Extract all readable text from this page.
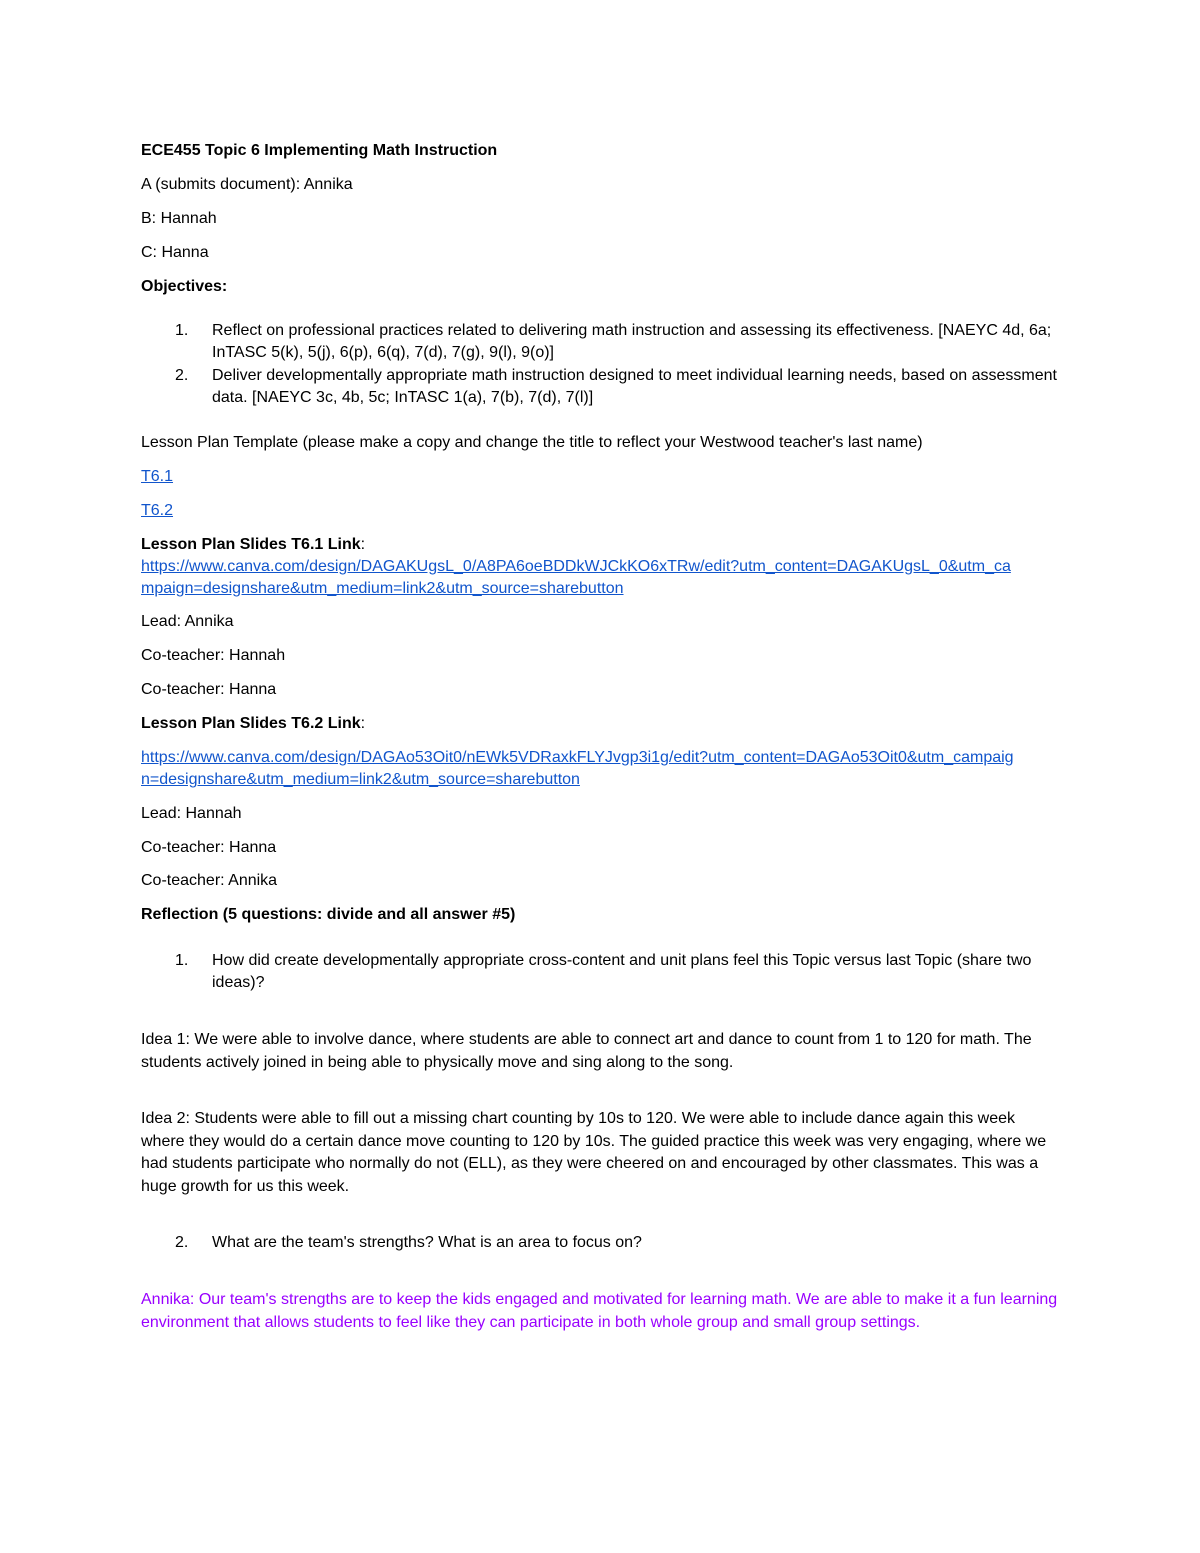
ECE455 Topic 6 Implementing Math Instruction
A (submits document): Annika
B: Hannah
C: Hanna
Objectives:
1. Reflect on professional practices related to delivering math instruction and assessing its effectiveness. [NAEYC 4d, 6a; InTASC 5(k), 5(j), 6(p), 6(q), 7(d), 7(g), 9(l), 9(o)]
2. Deliver developmentally appropriate math instruction designed to meet individual learning needs, based on assessment data. [NAEYC 3c, 4b, 5c; InTASC 1(a), 7(b), 7(d), 7(l)]
Lesson Plan Template (please make a copy and change the title to reflect your Westwood teacher's last name)
T6.1
T6.2
Lesson Plan Slides T6.1 Link:
https://www.canva.com/design/DAGAKUgsL_0/A8PA6oeBDDkWJCkKO6xTRw/edit?utm_content=DAGAKUgsL_0&utm_ca
mpaign=designshare&utm_medium=link2&utm_source=sharebutton
Lead: Annika
Co-teacher: Hannah
Co-teacher: Hanna
Lesson Plan Slides T6.2 Link:
https://www.canva.com/design/DAGAo53Oit0/nEWk5VDRaxkFLYJvgp3i1g/edit?utm_content=DAGAo53Oit0&utm_campaig
n=designshare&utm_medium=link2&utm_source=sharebutton
Lead: Hannah
Co-teacher: Hanna
Co-teacher: Annika
Reflection (5 questions: divide and all answer #5)
1. How did create developmentally appropriate cross-content and unit plans feel this Topic versus last Topic (share two ideas)?
Idea 1: We were able to involve dance, where students are able to connect art and dance to count from 1 to 120 for math. The students actively joined in being able to physically move and sing along to the song.
Idea 2: Students were able to fill out a missing chart counting by 10s to 120. We were able to include dance again this week where they would do a certain dance move counting to 120 by 10s. The guided practice this week was very engaging, where we had students participate who normally do not (ELL), as they were cheered on and encouraged by other classmates. This was a huge growth for us this week.
2. What are the team's strengths? What is an area to focus on?
Annika: Our team's strengths are to keep the kids engaged and motivated for learning math. We are able to make it a fun learning environment that allows students to feel like they can participate in both whole group and small group settings.
